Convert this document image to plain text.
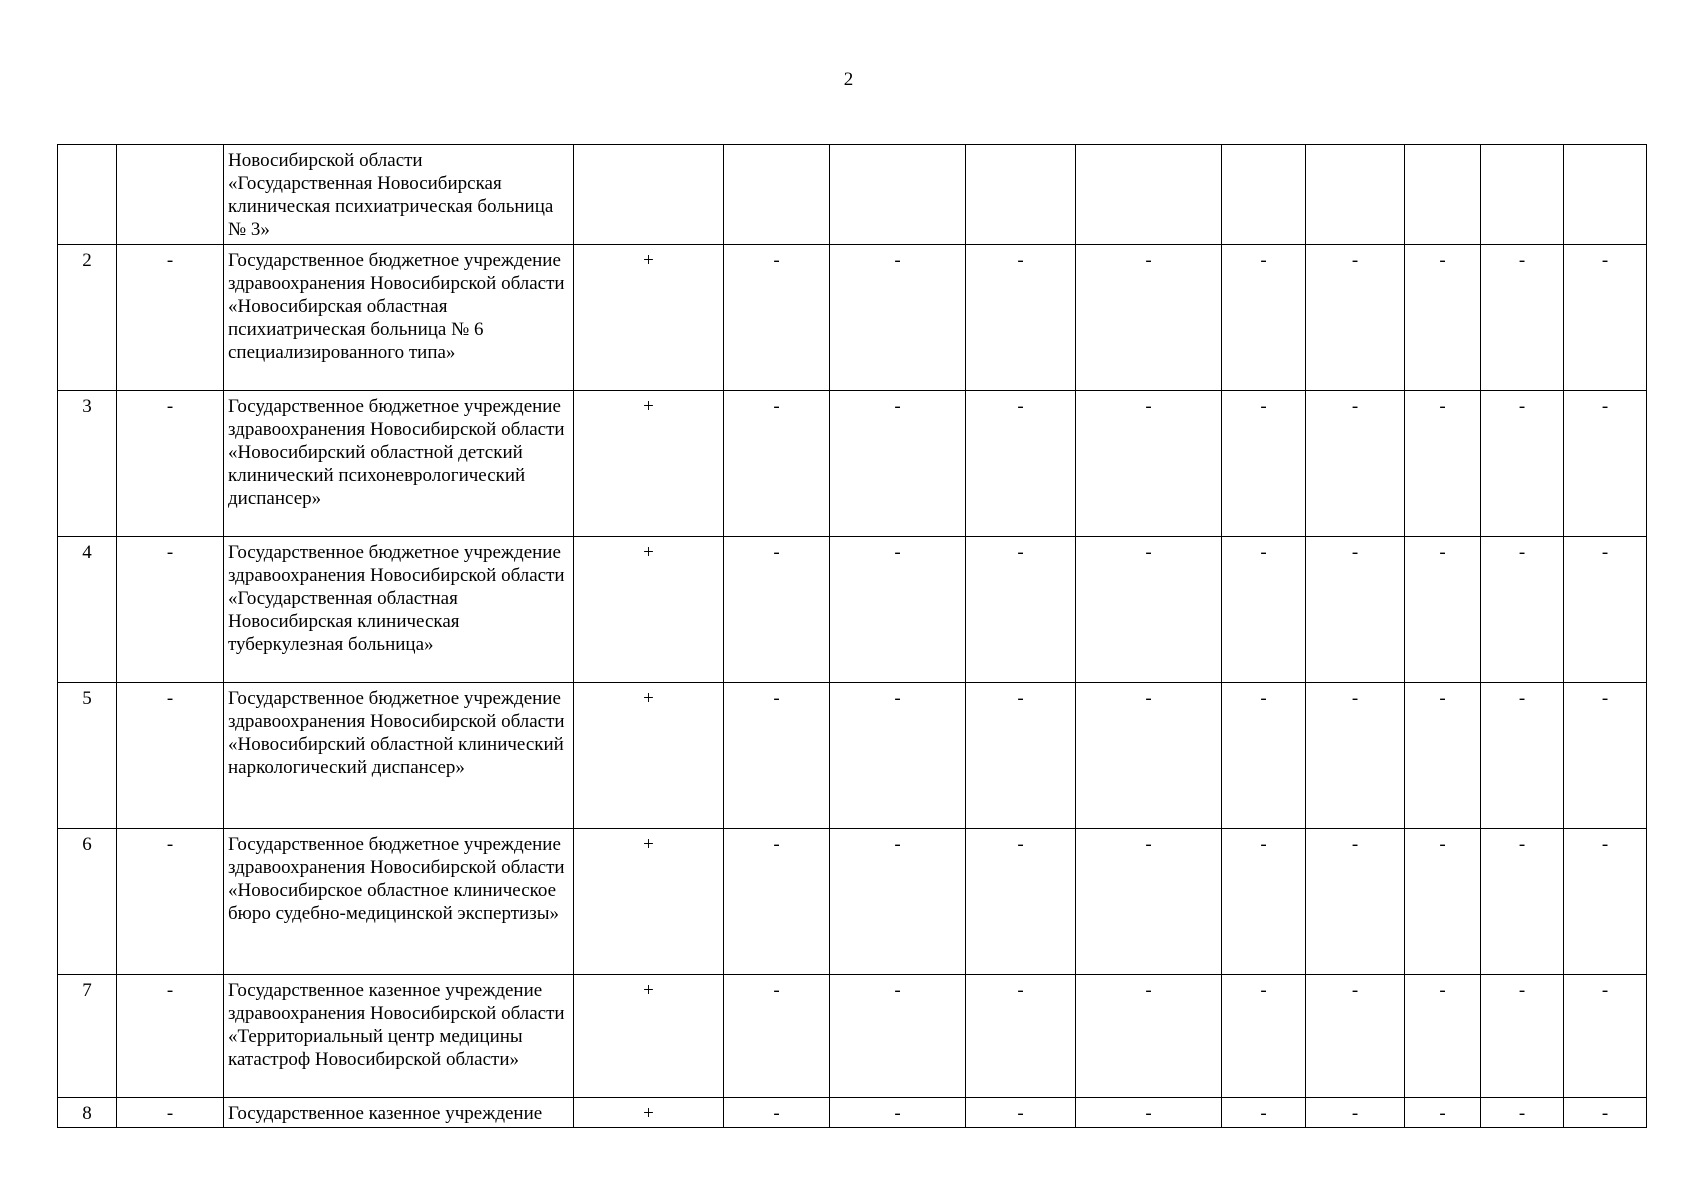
2
		Новосибирской области «Государственная Новосибирская клиническая психиатрическая больница № 3»										
2	-	Государственное бюджетное учреждение здравоохранения Новосибирской области «Новосибирская областная психиатрическая больница № 6 специализированного типа»	+	-	-	-	-	-	-	-	-	-
3	-	Государственное бюджетное учреждение здравоохранения Новосибирской области «Новосибирский областной детский клинический психоневрологический диспансер»	+	-	-	-	-	-	-	-	-	-
4	-	Государственное бюджетное учреждение здравоохранения Новосибирской области «Государственная областная Новосибирская клиническая туберкулезная больница»	+	-	-	-	-	-	-	-	-	-
5	-	Государственное бюджетное учреждение здравоохранения Новосибирской области «Новосибирский областной клинический наркологический диспансер»	+	-	-	-	-	-	-	-	-	-
6	-	Государственное бюджетное учреждение здравоохранения Новосибирской области «Новосибирское областное клиническое бюро судебно-медицинской экспертизы»	+	-	-	-	-	-	-	-	-	-
7	-	Государственное казенное учреждение здравоохранения Новосибирской области «Территориальный центр медицины катастроф Новосибирской области»	+	-	-	-	-	-	-	-	-	-
8	-	Государственное казенное учреждение	+	-	-	-	-	-	-	-	-	-
